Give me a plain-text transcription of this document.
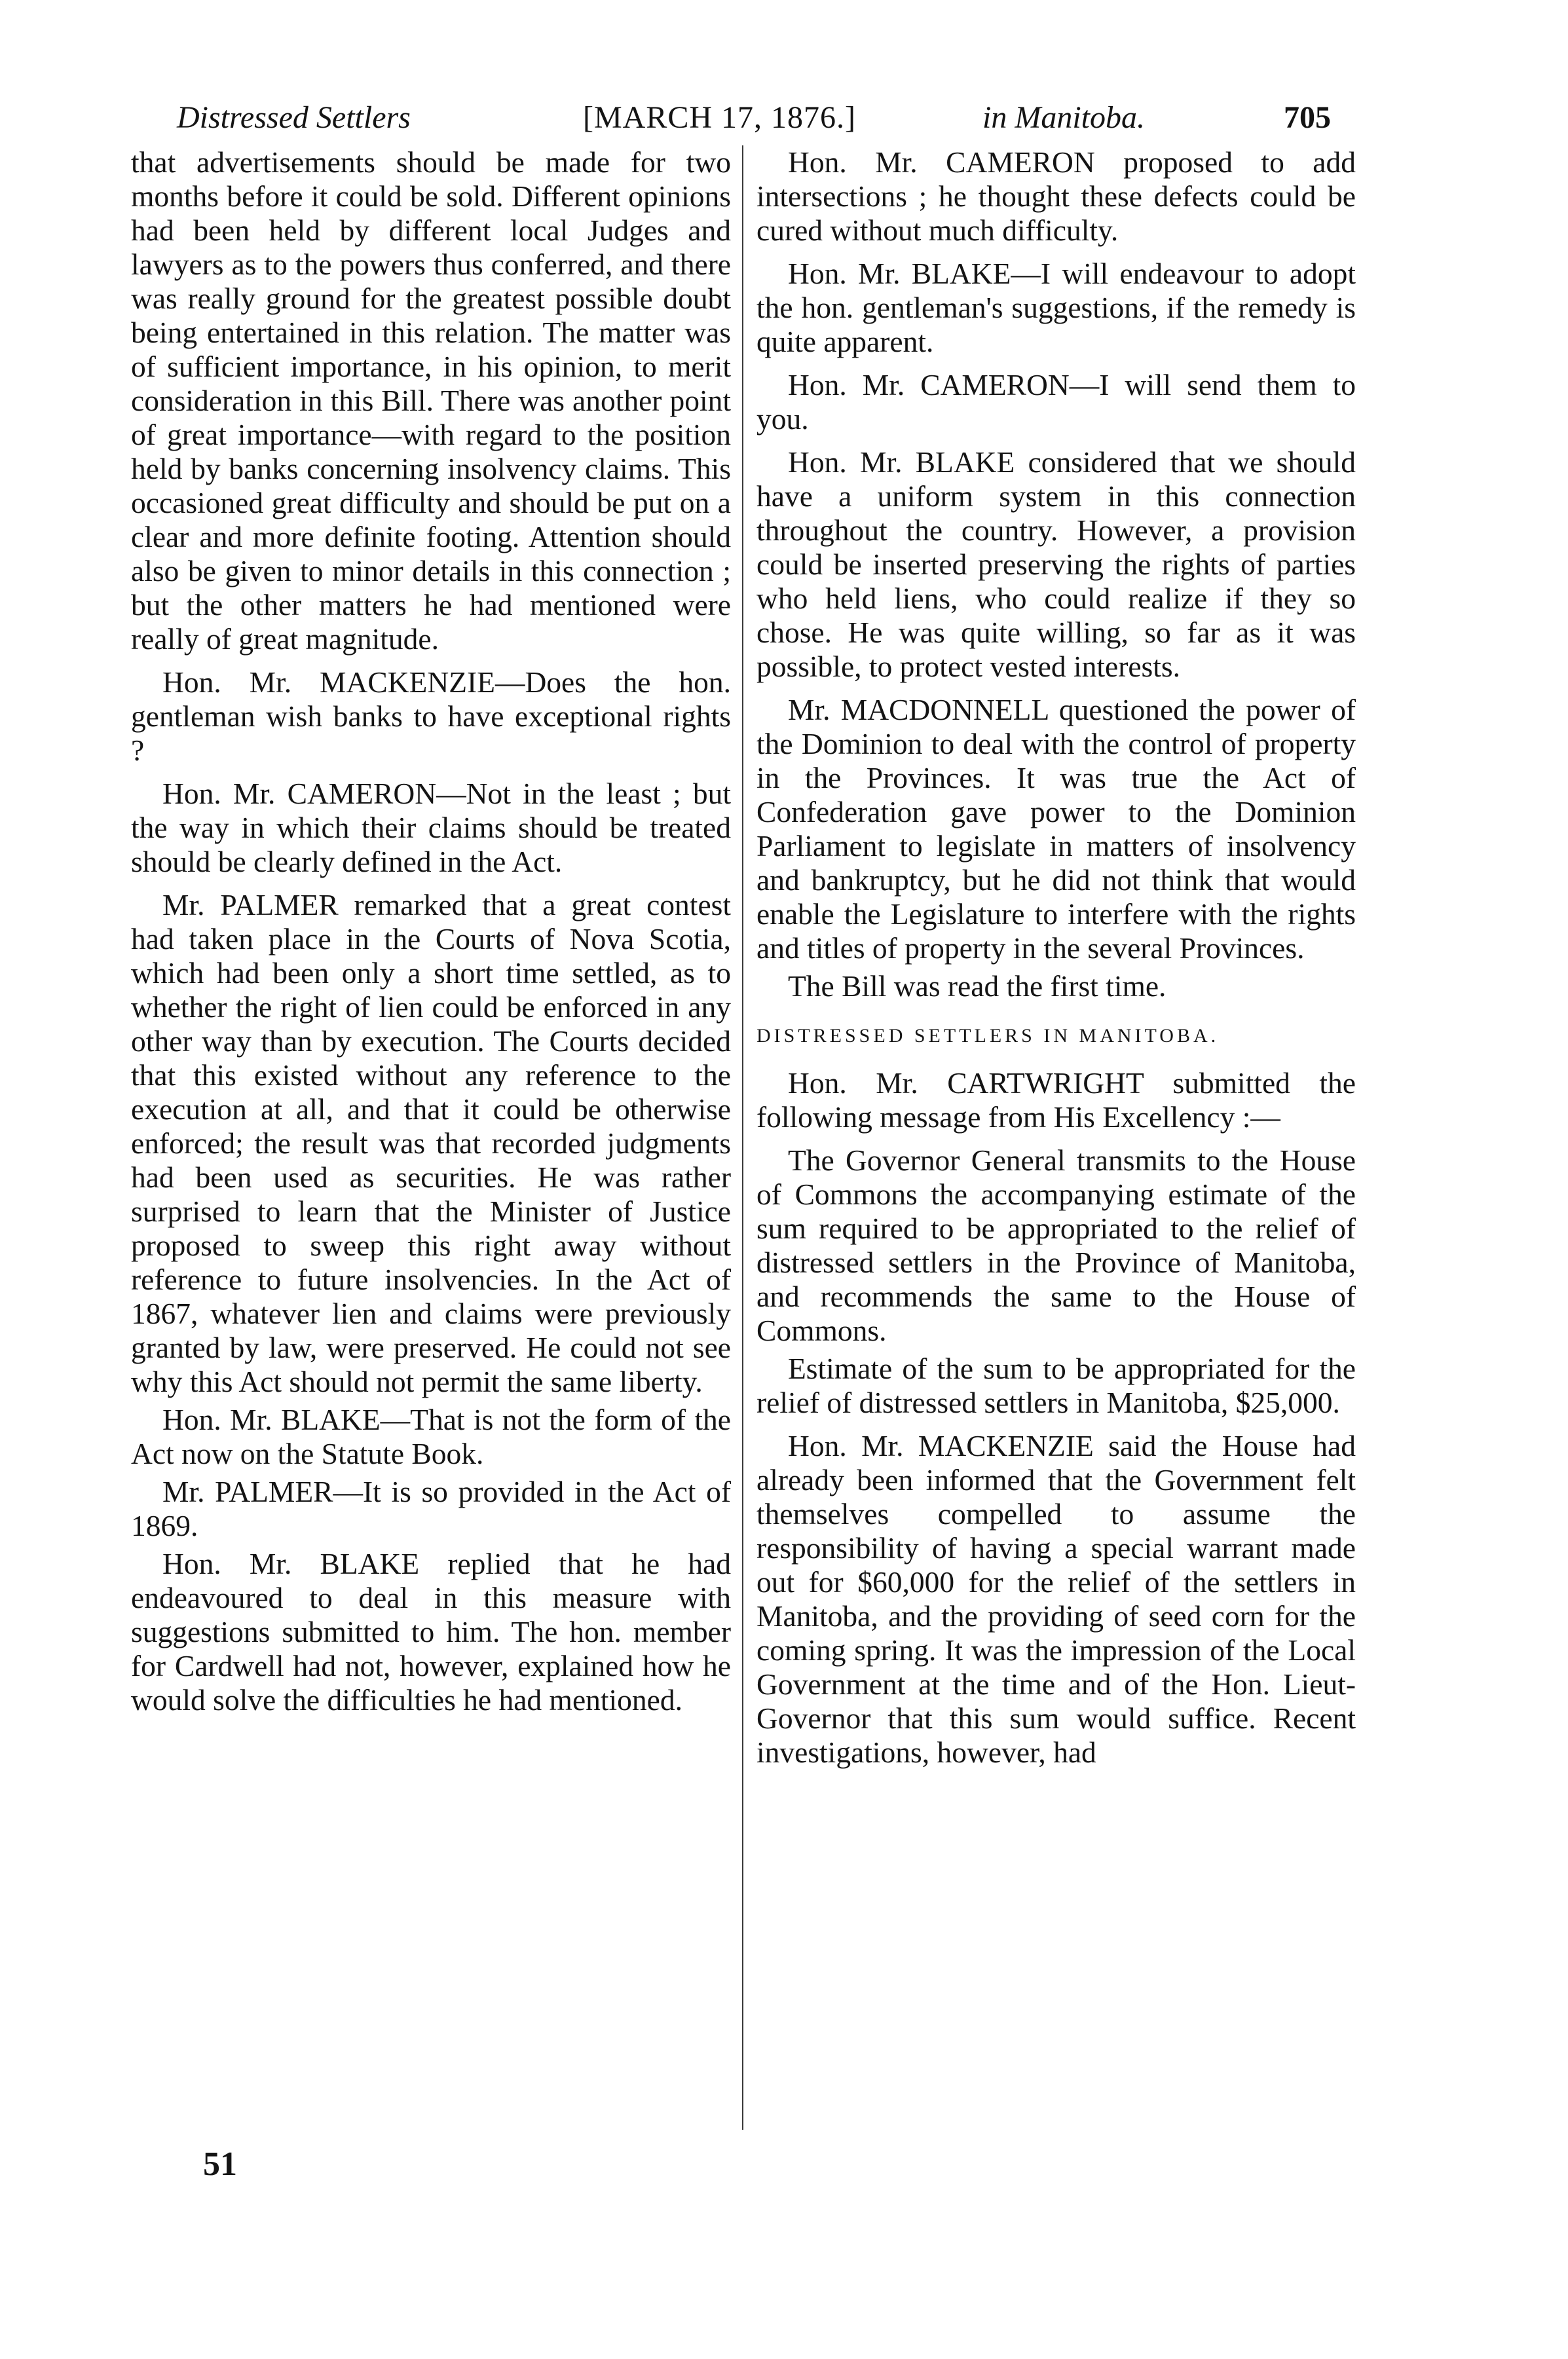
Distressed Settlers	[MARCH 17, 1876.]	in Manitoba.	705

that advertisements should be made for two months before it could be sold. Different opinions had been held by different local Judges and lawyers as to the powers thus conferred, and there was really ground for the greatest possible doubt being entertained in this relation. The matter was of sufficient importance, in his opinion, to merit consideration in this Bill. There was another point of great importance—with regard to the position held by banks concerning insolvency claims. This occasioned great difficulty and should be put on a clear and more definite footing. Attention should also be given to minor details in this connection ; but the other matters he had mentioned were really of great magnitude.

Hon. Mr. MACKENZIE—Does the hon. gentleman wish banks to have exceptional rights ?

Hon. Mr. CAMERON—Not in the least ; but the way in which their claims should be treated should be clearly defined in the Act.

Mr. PALMER remarked that a great contest had taken place in the Courts of Nova Scotia, which had been only a short time settled, as to whether the right of lien could be enforced in any other way than by execution. The Courts decided that this existed without any reference to the execution at all, and that it could be otherwise enforced; the result was that recorded judgments had been used as securities. He was rather surprised to learn that the Minister of Justice proposed to sweep this right away without reference to future insolvencies. In the Act of 1867, whatever lien and claims were previously granted by law, were preserved. He could not see why this Act should not permit the same liberty.

Hon. Mr. BLAKE—That is not the form of the Act now on the Statute Book.

Mr. PALMER—It is so provided in the Act of 1869.

Hon. Mr. BLAKE replied that he had endeavoured to deal in this measure with suggestions submitted to him. The hon. member for Cardwell had not, however, explained how he would solve the difficulties he had mentioned.

Hon. Mr. CAMERON proposed to add intersections ; he thought these defects could be cured without much difficulty.

Hon. Mr. BLAKE—I will endeavour to adopt the hon. gentleman's suggestions, if the remedy is quite apparent.

Hon. Mr. CAMERON—I will send them to you.

Hon. Mr. BLAKE considered that we should have a uniform system in this connection throughout the country. However, a provision could be inserted preserving the rights of parties who held liens, who could realize if they so chose. He was quite willing, so far as it was possible, to protect vested interests.

Mr. MACDONNELL questioned the power of the Dominion to deal with the control of property in the Provinces. It was true the Act of Confederation gave power to the Dominion Parliament to legislate in matters of insolvency and bankruptcy, but he did not think that would enable the Legislature to interfere with the rights and titles of property in the several Provinces.

The Bill was read the first time.

DISTRESSED SETTLERS IN MANITOBA.

Hon. Mr. CARTWRIGHT submitted the following message from His Excellency :—

The Governor General transmits to the House of Commons the accompanying estimate of the sum required to be appropriated to the relief of distressed settlers in the Province of Manitoba, and recommends the same to the House of Commons.

Estimate of the sum to be appropriated for the relief of distressed settlers in Manitoba, $25,000.

Hon. Mr. MACKENZIE said the House had already been informed that the Government felt themselves compelled to assume the responsibility of having a special warrant made out for $60,000 for the relief of the settlers in Manitoba, and the providing of seed corn for the coming spring. It was the impression of the Local Government at the time and of the Hon. Lieut-Governor that this sum would suffice. Recent investigations, however, had

51
